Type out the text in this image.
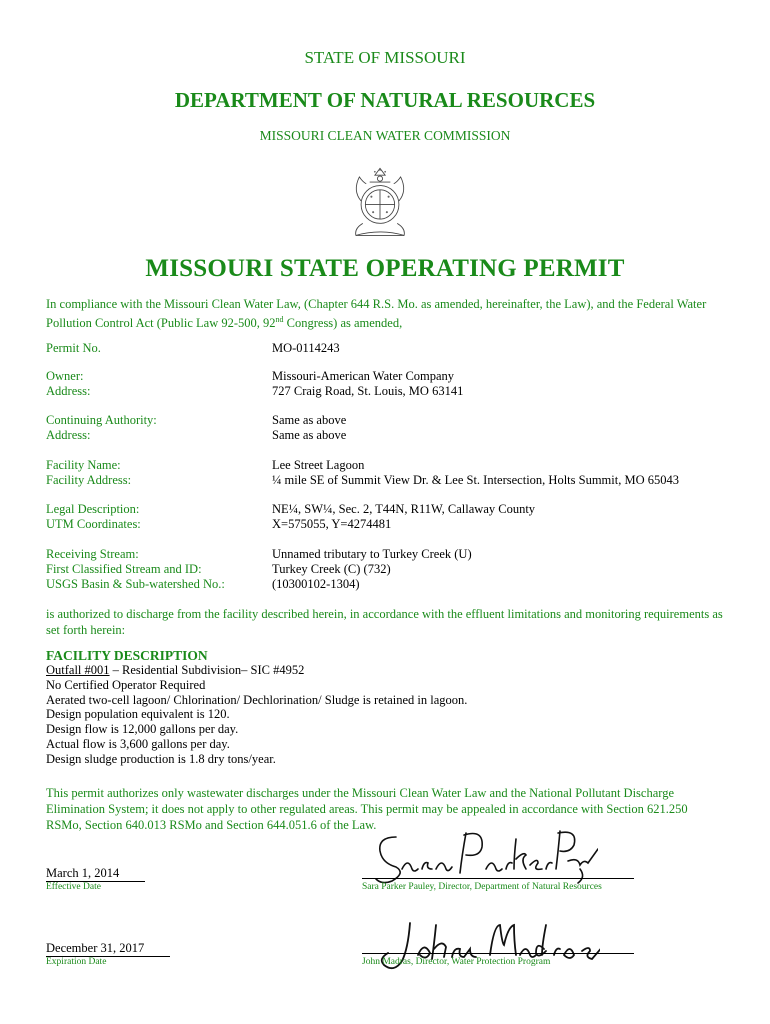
STATE OF MISSOURI
DEPARTMENT OF NATURAL RESOURCES
MISSOURI CLEAN WATER COMMISSION
MISSOURI STATE OPERATING PERMIT
In compliance with the Missouri Clean Water Law, (Chapter 644 R.S. Mo. as amended, hereinafter, the Law), and the Federal Water Pollution Control Act (Public Law 92-500, 92nd Congress) as amended,
Permit No.	MO-0114243
Owner:	Missouri-American Water Company
Address:	727 Craig Road, St. Louis, MO 63141
Continuing Authority:	Same as above
Address:	Same as above
Facility Name:	Lee Street Lagoon
Facility Address:	¼ mile SE of Summit View Dr. & Lee St. Intersection, Holts Summit, MO 65043
Legal Description:	NE¼, SW¼, Sec. 2, T44N, R11W, Callaway County
UTM Coordinates:	X=575055, Y=4274481
Receiving Stream:	Unnamed tributary to Turkey Creek (U)
First Classified Stream and ID:	Turkey Creek (C) (732)
USGS Basin & Sub-watershed No.:	(10300102-1304)
is authorized to discharge from the facility described herein, in accordance with the effluent limitations and monitoring requirements as set forth herein:
FACILITY DESCRIPTION
Outfall #001 – Residential Subdivision– SIC #4952
No Certified Operator Required
Aerated two-cell lagoon/ Chlorination/ Dechlorination/ Sludge is retained in lagoon.
Design population equivalent is 120.
Design flow is 12,000 gallons per day.
Actual flow is 3,600 gallons per day.
Design sludge production is 1.8 dry tons/year.
This permit authorizes only wastewater discharges under the Missouri Clean Water Law and the National Pollutant Discharge Elimination System; it does not apply to other regulated areas. This permit may be appealed in accordance with Section 621.250 RSMo, Section 640.013 RSMo and Section 644.051.6 of the Law.
March 1, 2014
Effective Date	Sara Parker Pauley, Director, Department of Natural Resources
December 31, 2017
Expiration Date	John Madras, Director, Water Protection Program
